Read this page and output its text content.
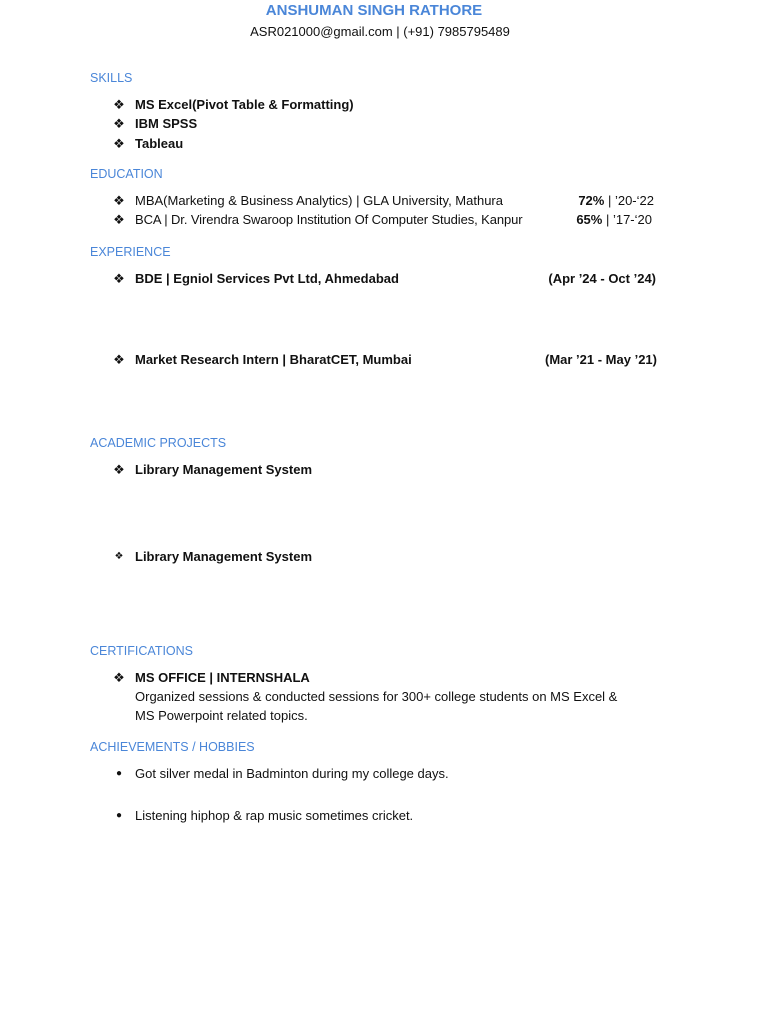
ANSHUMAN SINGH RATHORE
ASR021000@gmail.com | (+91) 7985795489
SKILLS
❖ MS Excel(Pivot Table & Formatting)
❖ IBM SPSS
❖ Tableau
EDUCATION
❖ MBA(Marketing & Business Analytics) | GLA University, Mathura	72% | ’20-‘22
❖ BCA | Dr. Virendra Swaroop Institution Of Computer Studies, Kanpur	65% | ’17-‘20
EXPERIENCE
❖ BDE | Egniol Services Pvt Ltd, Ahmedabad	(Apr ’24 - Oct ’24)
❖ Market Research Intern | BharatCET, Mumbai	(Mar ’21 - May ’21)
ACADEMIC PROJECTS
❖ Library Management System
❖ Library Management System
CERTIFICATIONS
❖ MS OFFICE | INTERNSHALA
Organized sessions & conducted sessions for 300+ college students on MS Excel &
MS Powerpoint related topics.
ACHIEVEMENTS / HOBBIES
● Got silver medal in Badminton during my college days.
● Listening hiphop & rap music sometimes cricket.
